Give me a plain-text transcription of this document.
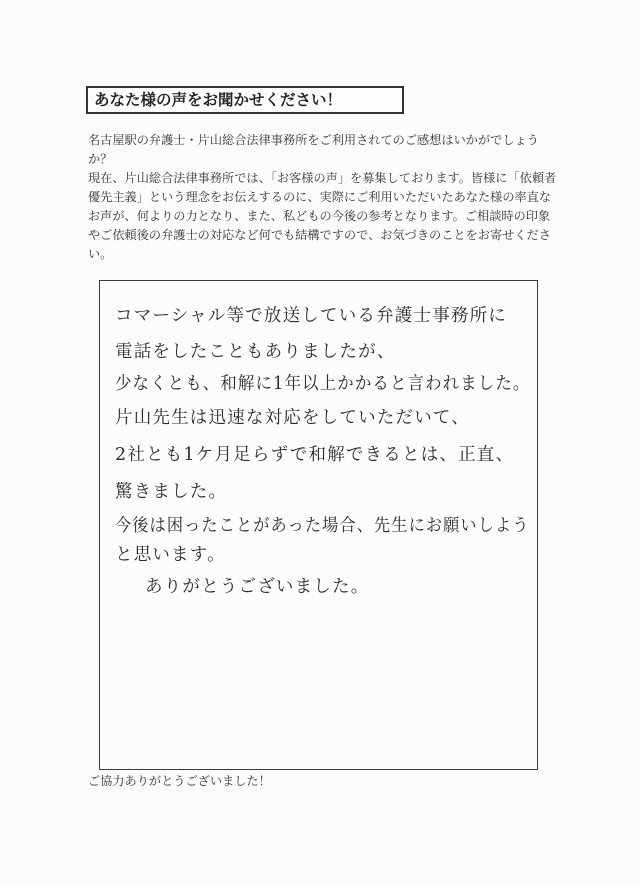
あなた様の声をお聞かせください！

名古屋駅の弁護士・片山総合法律事務所をご利用されてのご感想はいかがでしょうか？

現在、片山総合法律事務所では、「お客様の声」を募集しております。皆様に「依頼者優先主義」という理念をお伝えするのに、実際にご利用いただいたあなた様の率直なお声が、何よりの力となり、また、私どもの今後の参考となります。ご相談時の印象やご依頼後の弁護士の対応など何でも結構ですので、お気づきのことをお寄せください。

コマーシャル等で放送している弁護士事務所に
電話をしたこともありましたが、
少なくとも、和解に1年以上かかると言われました。
片山先生は迅速な対応をしていただいて、
2社とも1ケ月足らずで和解できるとは、正直、
驚きました。
今後は困ったことがあった場合、先生にお願いしよう
と思います。
ありがとうございました。
ご協力ありがとうございました！
